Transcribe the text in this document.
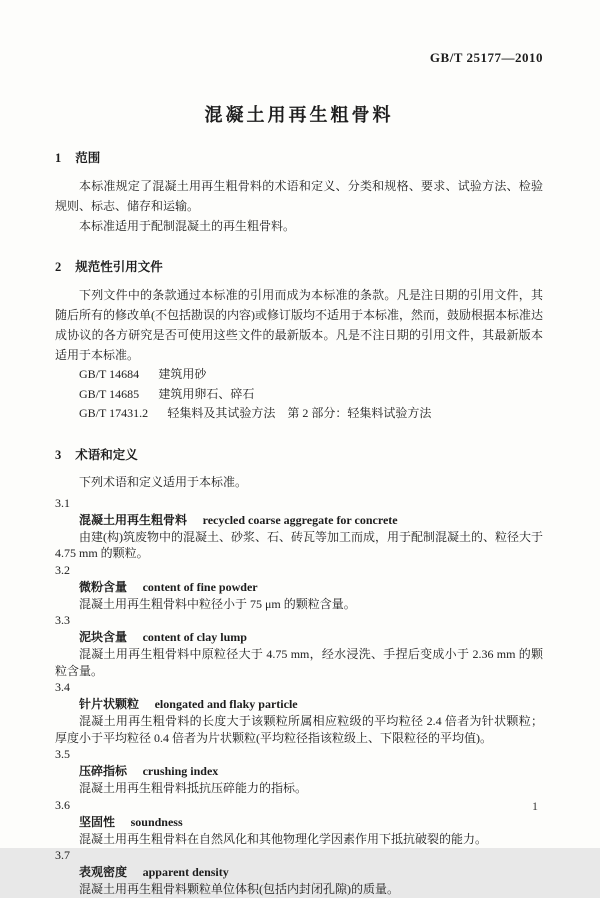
GB/T 25177—2010
混凝土用再生粗骨料
1 范围

本标准规定了混凝土用再生粗骨料的术语和定义、分类和规格、要求、试验方法、检验规则、标志、储存和运输。

本标准适用于配制混凝土的再生粗骨料。

2 规范性引用文件

下列文件中的条款通过本标准的引用而成为本标准的条款。凡是注日期的引用文件，其随后所有的修改单(不包括勘误的内容)或修订版均不适用于本标准，然而，鼓励根据本标准达成协议的各方研究是否可使用这些文件的最新版本。凡是不注日期的引用文件，其最新版本适用于本标准。

GB/T 14684 建筑用砂
GB/T 14685 建筑用卵石、碎石
GB/T 17431.2 轻集料及其试验方法　第 2 部分：轻集料试验方法
3 术语和定义

下列术语和定义适用于本标准。

3.1
混凝土用再生粗骨料 recycled coarse aggregate for concrete

由建(构)筑废物中的混凝土、砂浆、石、砖瓦等加工而成，用于配制混凝土的、粒径大于 4.75 mm 的颗粒。

3.2
微粉含量 content of fine powder

混凝土用再生粗骨料中粒径小于 75 μm 的颗粒含量。

3.3
泥块含量 content of clay lump

混凝土用再生粗骨料中原粒径大于 4.75 mm，经水浸洗、手捏后变成小于 2.36 mm 的颗粒含量。

3.4
针片状颗粒 elongated and flaky particle

混凝土用再生粗骨料的长度大于该颗粒所属相应粒级的平均粒径 2.4 倍者为针状颗粒；厚度小于平均粒径 0.4 倍者为片状颗粒(平均粒径指该粒级上、下限粒径的平均值)。

3.5
压碎指标 crushing index

混凝土用再生粗骨料抵抗压碎能力的指标。

3.6
坚固性 soundness

混凝土用再生粗骨料在自然风化和其他物理化学因素作用下抵抗破裂的能力。

3.7
表观密度 apparent density

混凝土用再生粗骨料颗粒单位体积(包括内封闭孔隙)的质量。

1
